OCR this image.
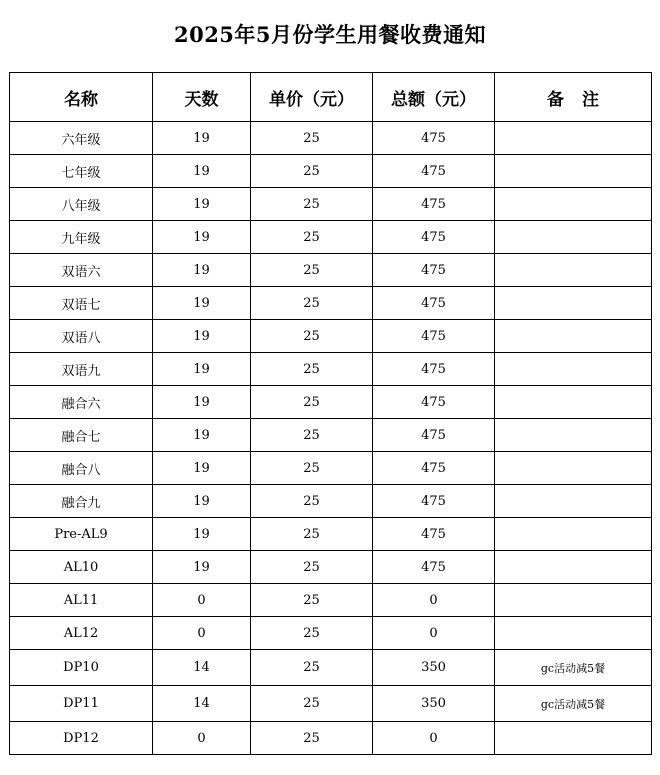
2025年5月份学生用餐收费通知
名称	天数	单价（元）	总额（元）	备注
六年级	19	25	475	
七年级	19	25	475	
八年级	19	25	475	
九年级	19	25	475	
双语六	19	25	475	
双语七	19	25	475	
双语八	19	25	475	
双语九	19	25	475	
融合六	19	25	475	
融合七	19	25	475	
融合八	19	25	475	
融合九	19	25	475	
Pre-AL9	19	25	475	
AL10	19	25	475	
AL11	0	25	0	
AL12	0	25	0	
DP10	14	25	350	gc活动减5餐
DP11	14	25	350	gc活动减5餐
DP12	0	25	0	
